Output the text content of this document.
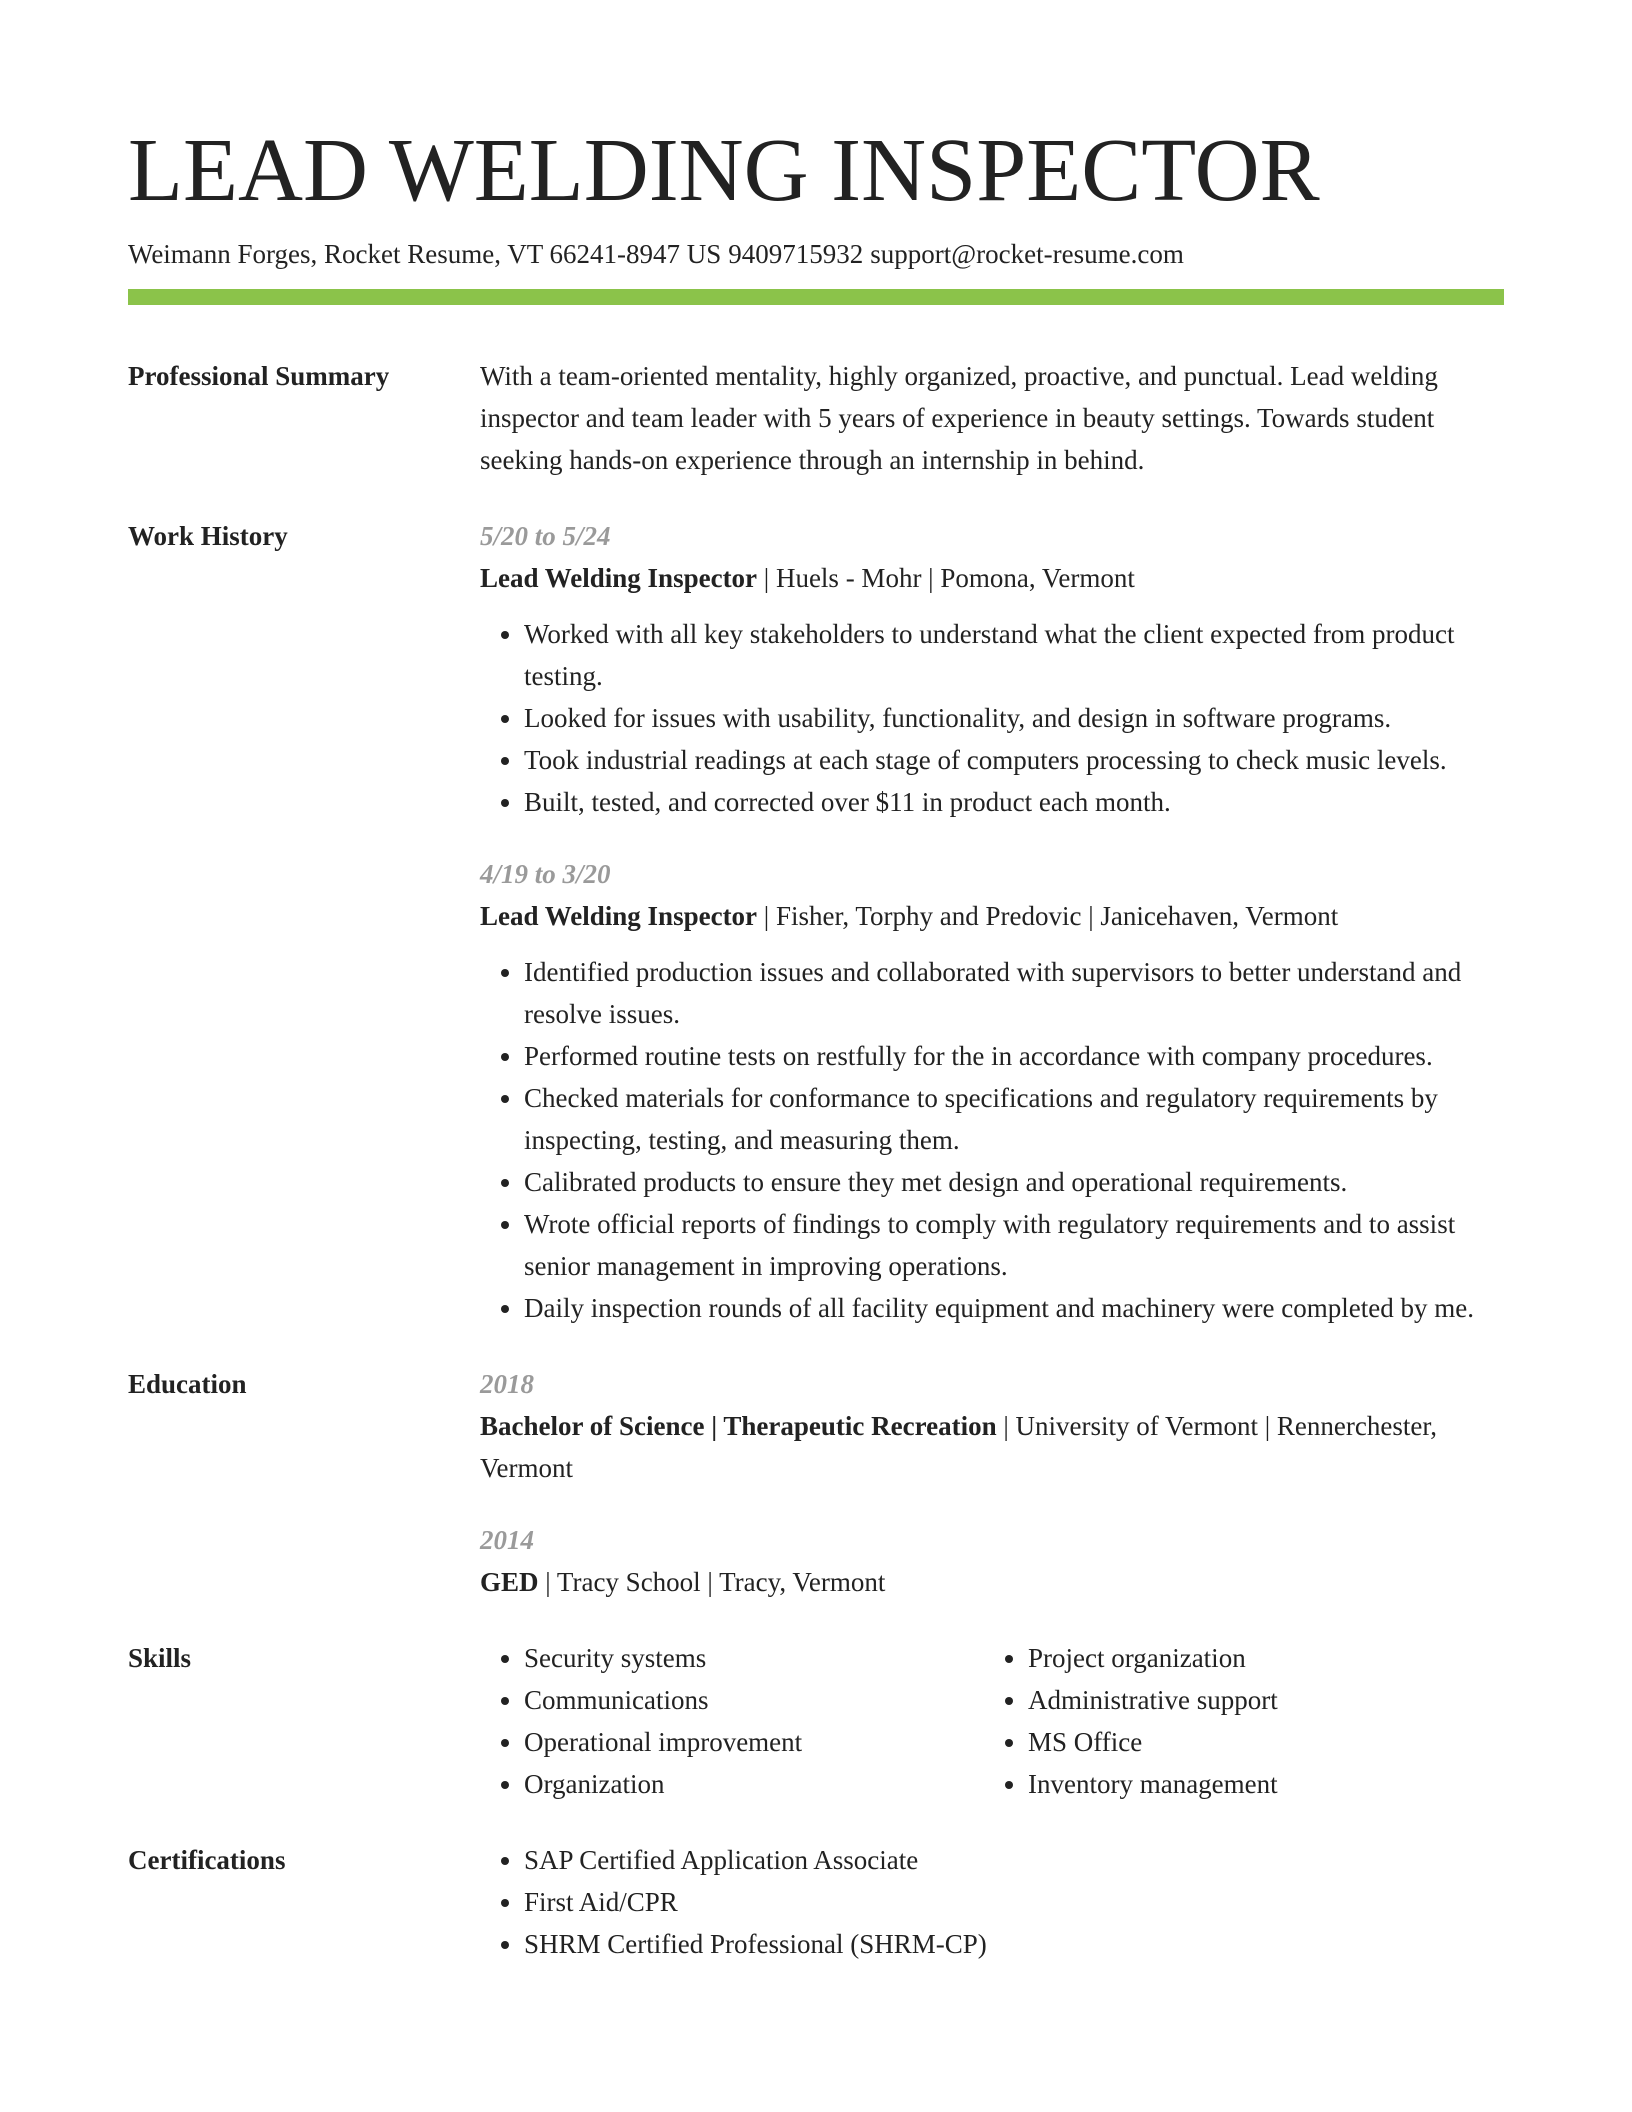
LEAD WELDING INSPECTOR
Weimann Forges, Rocket Resume, VT 66241-8947 US 9409715932 support@rocket-resume.com
Professional Summary	With a team-oriented mentality, highly organized, proactive, and punctual. Lead welding inspector and team leader with 5 years of experience in beauty settings. Towards student seeking hands-on experience through an internship in behind.

Work History	5/20 to 5/24
Lead Welding Inspector | Huels - Mohr | Pomona, Vermont
• Worked with all key stakeholders to understand what the client expected from product testing.
• Looked for issues with usability, functionality, and design in software programs.
• Took industrial readings at each stage of computers processing to check music levels.
• Built, tested, and corrected over $11 in product each month.
4/19 to 3/20
Lead Welding Inspector | Fisher, Torphy and Predovic | Janicehaven, Vermont
• Identified production issues and collaborated with supervisors to better understand and resolve issues.
• Performed routine tests on restfully for the in accordance with company procedures.
• Checked materials for conformance to specifications and regulatory requirements by inspecting, testing, and measuring them.
• Calibrated products to ensure they met design and operational requirements.
• Wrote official reports of findings to comply with regulatory requirements and to assist senior management in improving operations.
• Daily inspection rounds of all facility equipment and machinery were completed by me.
Education	2018
Bachelor of Science | Therapeutic Recreation | University of Vermont | Rennerchester, Vermont
2014
GED | Tracy School | Tracy, Vermont
Skills	• Security systems
• Communications
• Operational improvement
• Organization
• Project organization
• Administrative support
• MS Office
• Inventory management
Certifications	• SAP Certified Application Associate
• First Aid/CPR
• SHRM Certified Professional (SHRM-CP)
